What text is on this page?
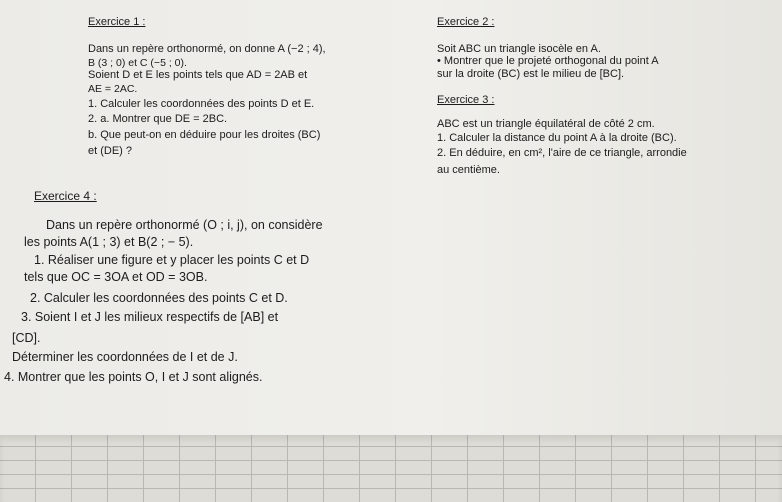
Exercice 1 :
Dans un repère orthonormé, on donne A (−2 ; 4),
B (3 ; 0) et C (−5 ; 0).
Soient D et E les points tels que AD = 2AB et
AE = 2AC.
1. Calculer les coordonnées des points D et E.
2. a. Montrer que DE = 2BC.
b. Que peut-on en déduire pour les droites (BC)
et (DE) ?
Exercice 2 :
Soit ABC un triangle isocèle en A.
• Montrer que le projeté orthogonal du point A
sur la droite (BC) est le milieu de [BC].
Exercice 3 :
ABC est un triangle équilatéral de côté 2 cm.
1. Calculer la distance du point A à la droite (BC).
2. En déduire, en cm², l'aire de ce triangle, arrondie
au centième.
Exercice 4 :
Dans un repère orthonormé (O ; i, j), on considère
les points A(1 ; 3) et B(2 ; − 5).
1. Réaliser une figure et y placer les points C et D
tels que OC = 3OA et OD = 3OB.
2. Calculer les coordonnées des points C et D.
3. Soient I et J les milieux respectifs de [AB] et
[CD].
Déterminer les coordonnées de I et de J.
4. Montrer que les points O, I et J sont alignés.
